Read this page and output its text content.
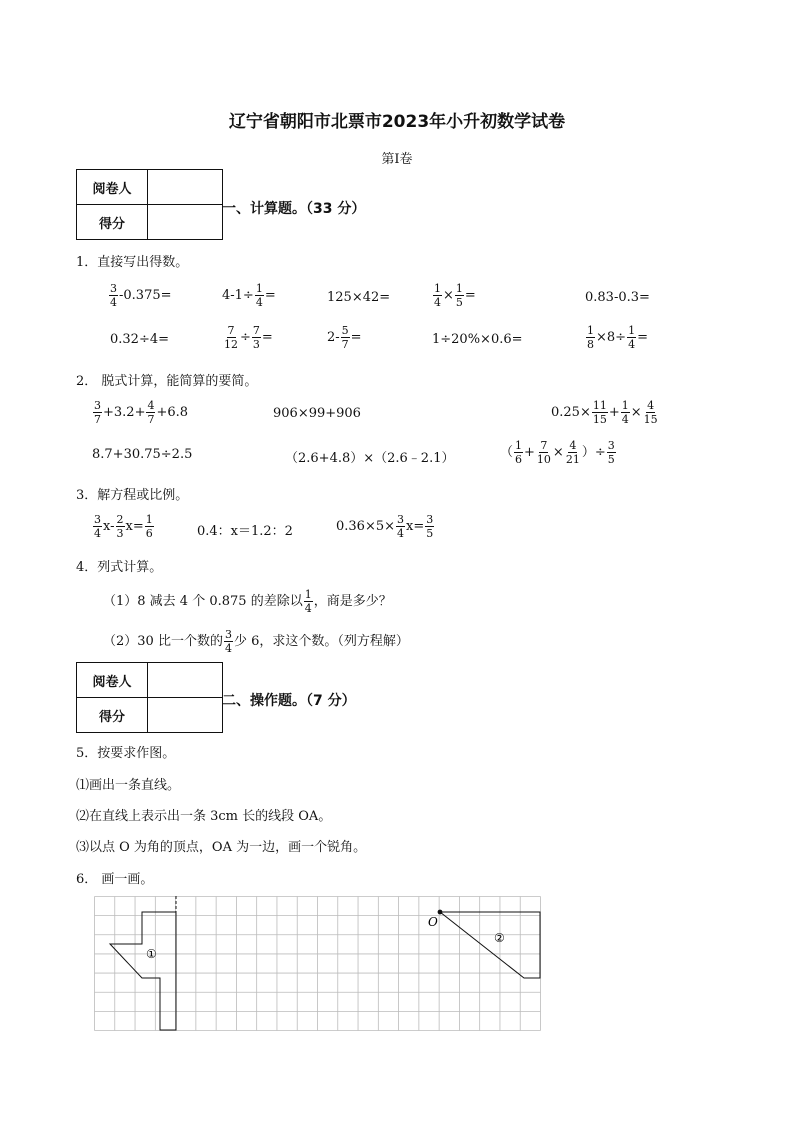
辽宁省朝阳市北票市2023年小升初数学试卷
第Ⅰ卷
阅卷人	
得分	
一、计算题。（33 分）
1．直接写出得数。
$\frac{3}{4} -0.375=$	$4-1\div \frac{1}{4}$ =	125×42=	$\frac{1}{4} \times \frac{1}{5}$ =	0.83-0.3=
0.32÷4=	$\frac{7}{12} \div \frac{7}{3}$ =	$2- \frac{5}{7}$ =	1÷20%×0.6=	$\frac{1}{8} \times 8\div \frac{1}{4}$ =
2． 脱式计算，能简算的要简。
$\frac{3}{7} +3.2+ \frac{4}{7} +6.8$	906×99+906	$0.25\times \frac{11}{15} + \frac{1}{4} \times \frac{4}{15}$
8.7+30.75÷2.5	（2.6+4.8）×（2.6﹣2.1）	（ $\frac{1}{6} + \frac{7}{10} \times \frac{4}{21}$ ）÷ $\frac{3}{5}$
3．解方程或比例。
$\frac{3}{4} x- \frac{2}{3} x= \frac{1}{6}$	0.4：x＝1.2：2	$0.36\times 5\times \frac{3}{4} x= \frac{3}{5}$
4．列式计算。
（1）8 减去 4 个 0.875 的差除以 $\frac{1}{4}$ ，商是多少？
（2）30 比一个数的 $\frac{3}{4}$ 少 6，求这个数。（列方程解）
阅卷人	
得分	
二、操作题。（7 分）
5．按要求作图。
⑴画出一条直线。
⑵在直线上表示出一条 3cm 长的线段 OA。
⑶以点 O 为角的顶点，OA 为一边，画一个锐角。
6． 画一画。
①
②
O
